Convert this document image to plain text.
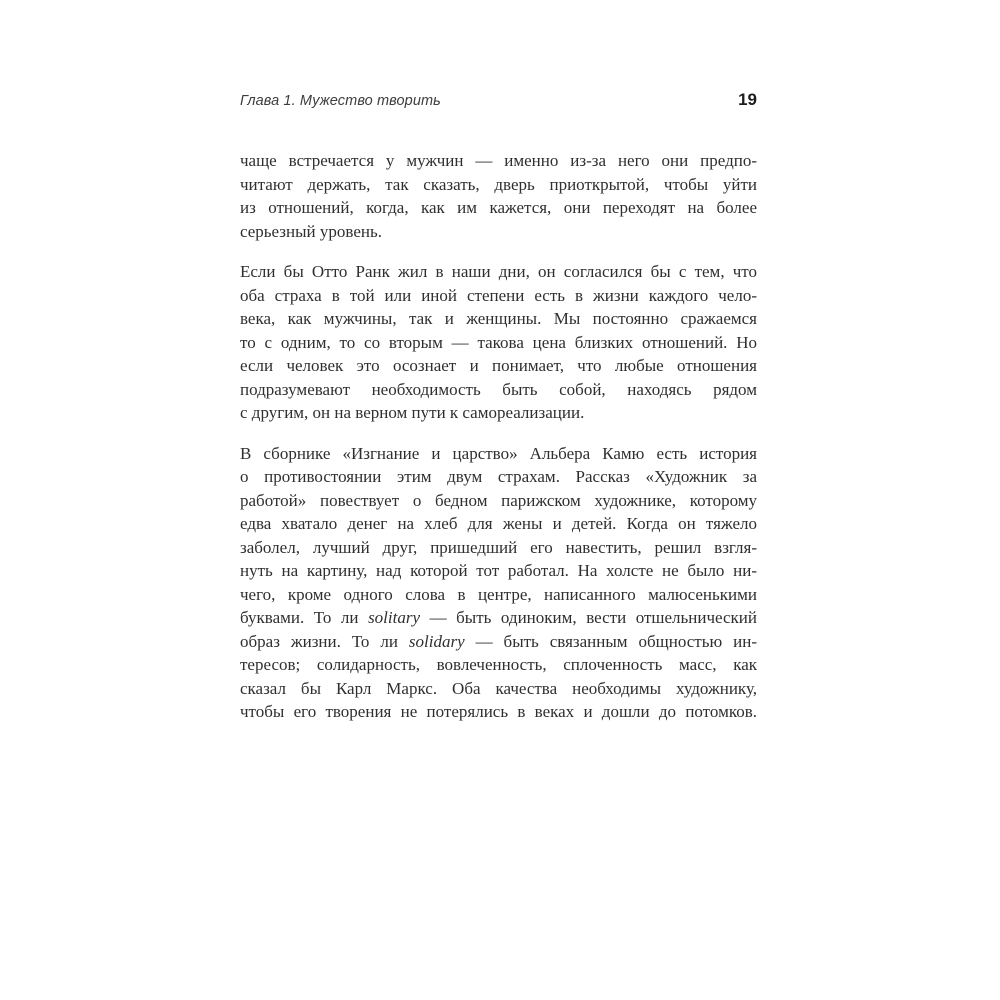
Глава 1. Мужество творить	19
чаще встречается у мужчин — именно из-за него они предпо-
читают держать, так сказать, дверь приоткрытой, чтобы уйти
из отношений, когда, как им кажется, они переходят на более
серьезный уровень.
Если бы Отто Ранк жил в наши дни, он согласился бы с тем, что
оба страха в той или иной степени есть в жизни каждого чело-
века, как мужчины, так и женщины. Мы постоянно сражаемся
то с одним, то со вторым — такова цена близких отношений. Но
если человек это осознает и понимает, что любые отношения
подразумевают необходимость быть собой, находясь рядом
с другим, он на верном пути к самореализации.
В сборнике «Изгнание и царство» Альбера Камю есть история
о противостоянии этим двум страхам. Рассказ «Художник за
работой» повествует о бедном парижском художнике, которому
едва хватало денег на хлеб для жены и детей. Когда он тяжело
заболел, лучший друг, пришедший его навестить, решил взгля-
нуть на картину, над которой тот работал. На холсте не было ни-
чего, кроме одного слова в центре, написанного малюсенькими
буквами. То ли solitary — быть одиноким, вести отшельнический
образ жизни. То ли solidary — быть связанным общностью ин-
тересов; солидарность, вовлеченность, сплоченность масс, как
сказал бы Карл Маркс. Оба качества необходимы художнику,
чтобы его творения не потерялись в веках и дошли до потомков.
